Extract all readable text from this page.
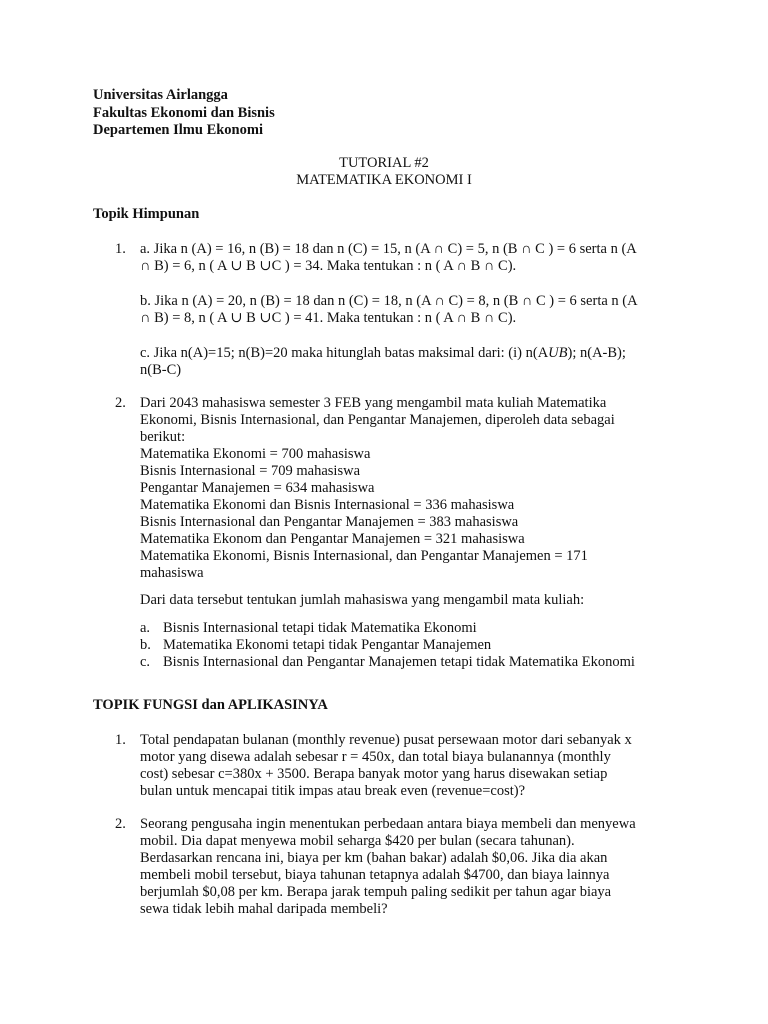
Universitas Airlangga
Fakultas Ekonomi dan Bisnis
Departemen Ilmu Ekonomi
TUTORIAL #2
MATEMATIKA EKONOMI I
Topik Himpunan
1. a. Jika n (A) = 16, n (B) = 18 dan n (C) = 15, n (A ∩ C) = 5, n (B ∩ C ) = 6 serta n (A
∩ B) = 6, n ( A ∪ B ∪C ) = 34. Maka tentukan : n ( A ∩ B ∩ C).
b. Jika n (A) = 20, n (B) = 18 dan n (C) = 18, n (A ∩ C) = 8, n (B ∩ C ) = 6 serta n (A
∩ B) = 8, n ( A ∪ B ∪C ) = 41. Maka tentukan : n ( A ∩ B ∩ C).
c. Jika n(A)=15; n(B)=20 maka hitunglah batas maksimal dari: (i) n(AUB); n(A-B);
n(B-C)
2. Dari 2043 mahasiswa semester 3 FEB yang mengambil mata kuliah Matematika
Ekonomi, Bisnis Internasional, dan Pengantar Manajemen, diperoleh data sebagai
berikut:
Matematika Ekonomi = 700 mahasiswa
Bisnis Internasional = 709 mahasiswa
Pengantar Manajemen = 634 mahasiswa
Matematika Ekonomi dan Bisnis Internasional = 336 mahasiswa
Bisnis Internasional dan Pengantar Manajemen = 383 mahasiswa
Matematika Ekonom dan Pengantar Manajemen = 321 mahasiswa
Matematika Ekonomi, Bisnis Internasional, dan Pengantar Manajemen = 171
mahasiswa
Dari data tersebut tentukan jumlah mahasiswa yang mengambil mata kuliah:
a. Bisnis Internasional tetapi tidak Matematika Ekonomi
b. Matematika Ekonomi tetapi tidak Pengantar Manajemen
c. Bisnis Internasional dan Pengantar Manajemen tetapi tidak Matematika Ekonomi
TOPIK FUNGSI dan APLIKASINYA
1. Total pendapatan bulanan (monthly revenue) pusat persewaan motor dari sebanyak x
motor yang disewa adalah sebesar r = 450x, dan total biaya bulanannya (monthly
cost) sebesar c=380x + 3500. Berapa banyak motor yang harus disewakan setiap
bulan untuk mencapai titik impas atau break even (revenue=cost)?
2. Seorang pengusaha ingin menentukan perbedaan antara biaya membeli dan menyewa
mobil. Dia dapat menyewa mobil seharga $420 per bulan (secara tahunan).
Berdasarkan rencana ini, biaya per km (bahan bakar) adalah $0,06. Jika dia akan
membeli mobil tersebut, biaya tahunan tetapnya adalah $4700, dan biaya lainnya
berjumlah $0,08 per km. Berapa jarak tempuh paling sedikit per tahun agar biaya
sewa tidak lebih mahal daripada membeli?
